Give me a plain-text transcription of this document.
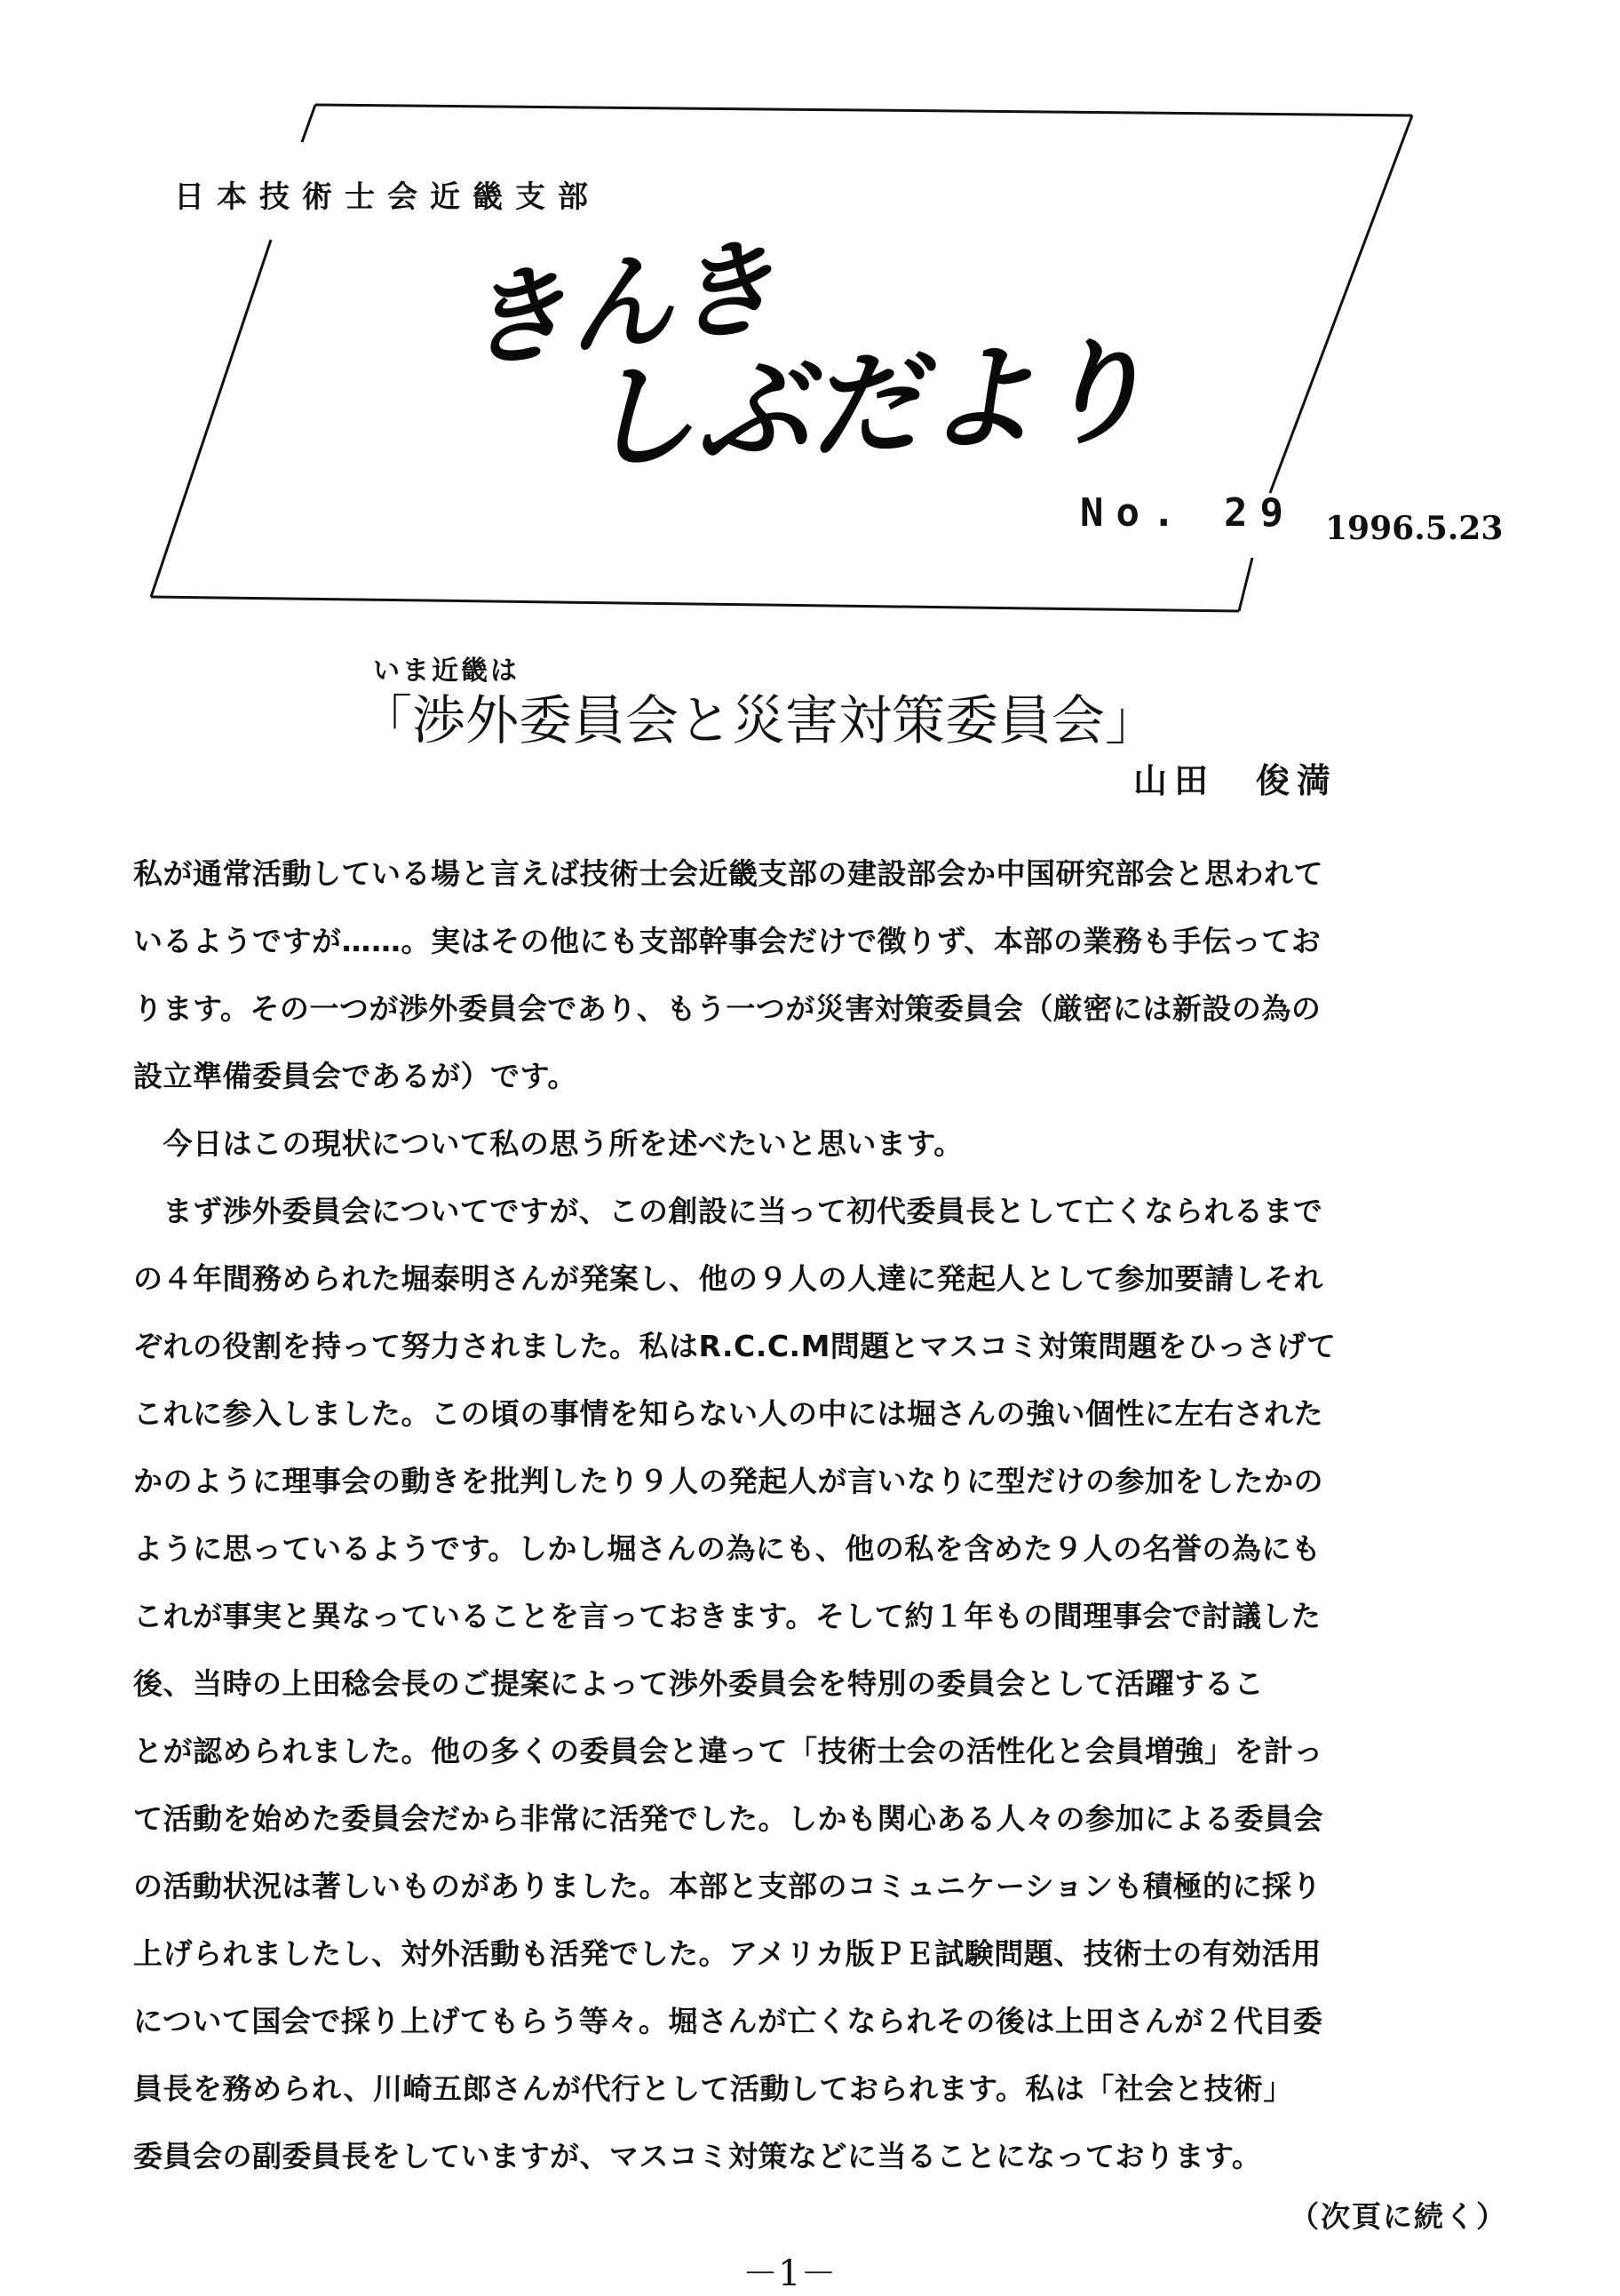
日本技術士会近畿支部
きんき
しぶだより
No. 29 1996.5.23
いま近畿は
「渉外委員会と災害対策委員会」
山田　俊満
私が通常活動している場と言えば技術士会近畿支部の建設部会か中国研究部会と思われて
いるようですが……。実はその他にも支部幹事会だけで徴りず、本部の業務も手伝ってお
ります。その一つが渉外委員会であり、もう一つが災害対策委員会（厳密には新設の為の
設立準備委員会であるが）です。
　今日はこの現状について私の思う所を述べたいと思います。
　まず渉外委員会についてですが、この創設に当って初代委員長として亡くなられるまで
の４年間務められた堀泰明さんが発案し、他の９人の人達に発起人として参加要請しそれ
ぞれの役割を持って努力されました。私はR.C.C.M問題とマスコミ対策問題をひっさげて
これに参入しました。この頃の事情を知らない人の中には堀さんの強い個性に左右された
かのように理事会の動きを批判したり９人の発起人が言いなりに型だけの参加をしたかの
ように思っているようです。しかし堀さんの為にも、他の私を含めた９人の名誉の為にも
これが事実と異なっていることを言っておきます。そして約１年もの間理事会で討議した
後、当時の上田稔会長のご提案によって渉外委員会を特別の委員会として活躍するこ
とが認められました。他の多くの委員会と違って「技術士会の活性化と会員増強」を計っ
て活動を始めた委員会だから非常に活発でした。しかも関心ある人々の参加による委員会
の活動状況は著しいものがありました。本部と支部のコミュニケーションも積極的に採り
上げられましたし、対外活動も活発でした。アメリカ版ＰＥ試験問題、技術士の有効活用
について国会で採り上げてもらう等々。堀さんが亡くなられその後は上田さんが２代目委
員長を務められ、川崎五郎さんが代行として活動しておられます。私は「社会と技術」
委員会の副委員長をしていますが、マスコミ対策などに当ることになっております。
（次頁に続く）
－1－
